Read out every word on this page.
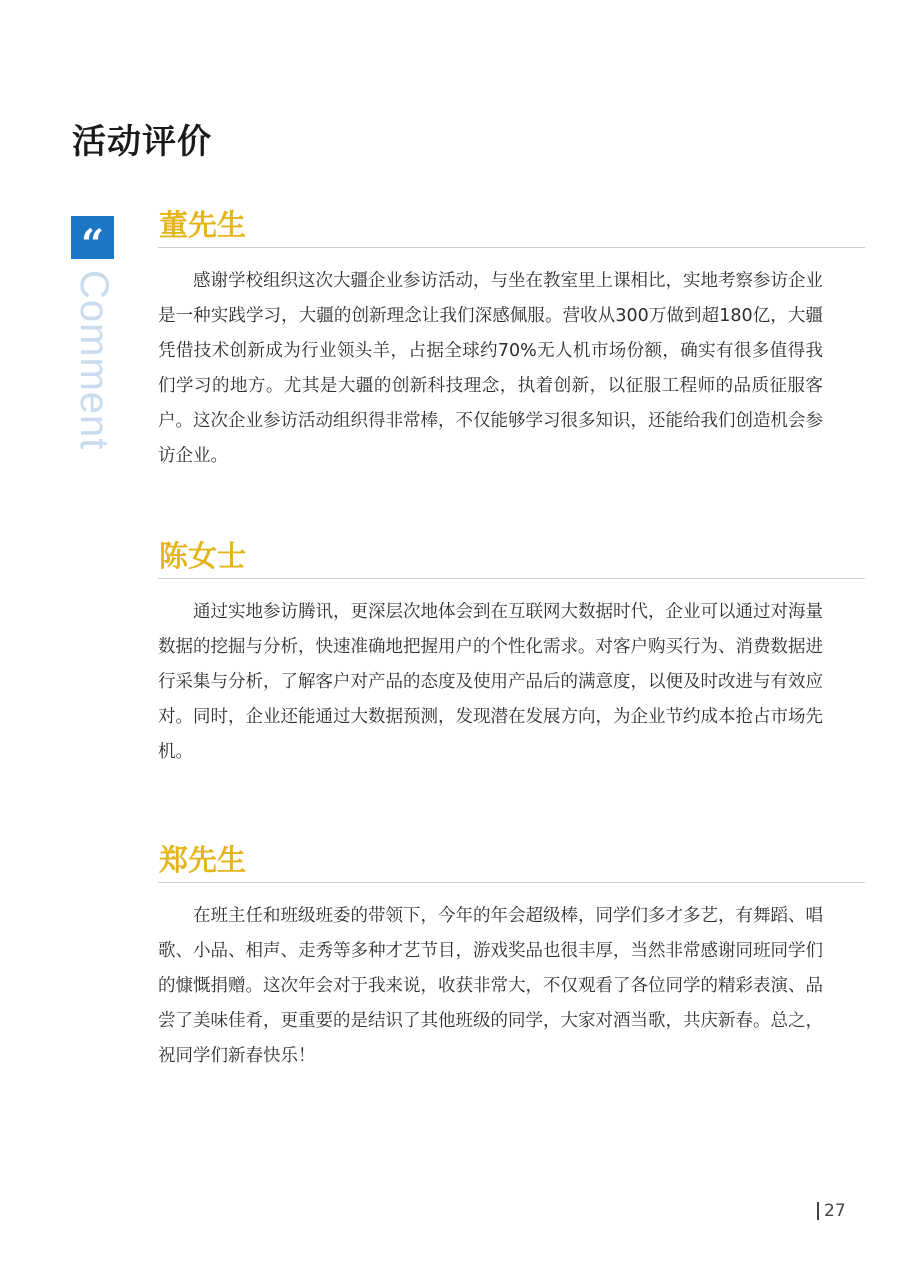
活动评价
“
Comment
董先生

感谢学校组织这次大疆企业参访活动，与坐在教室里上课相比，实地考察参访企业是一种实践学习，大疆的创新理念让我们深感佩服。营收从300万做到超180亿，大疆凭借技术创新成为行业领头羊，占据全球约70%无人机市场份额，确实有很多值得我们学习的地方。尤其是大疆的创新科技理念，执着创新，以征服工程师的品质征服客户。这次企业参访活动组织得非常棒，不仅能够学习很多知识，还能给我们创造机会参访企业。

陈女士

通过实地参访腾讯，更深层次地体会到在互联网大数据时代，企业可以通过对海量数据的挖掘与分析，快速准确地把握用户的个性化需求。对客户购买行为、消费数据进行采集与分析，了解客户对产品的态度及使用产品后的满意度，以便及时改进与有效应对。同时，企业还能通过大数据预测，发现潜在发展方向，为企业节约成本抢占市场先机。

郑先生

在班主任和班级班委的带领下，今年的年会超级棒，同学们多才多艺，有舞蹈、唱歌、小品、相声、走秀等多种才艺节目，游戏奖品也很丰厚，当然非常感谢同班同学们的慷慨捐赠。这次年会对于我来说，收获非常大，不仅观看了各位同学的精彩表演、品尝了美味佳肴，更重要的是结识了其他班级的同学，大家对酒当歌，共庆新春。总之，祝同学们新春快乐！

27
